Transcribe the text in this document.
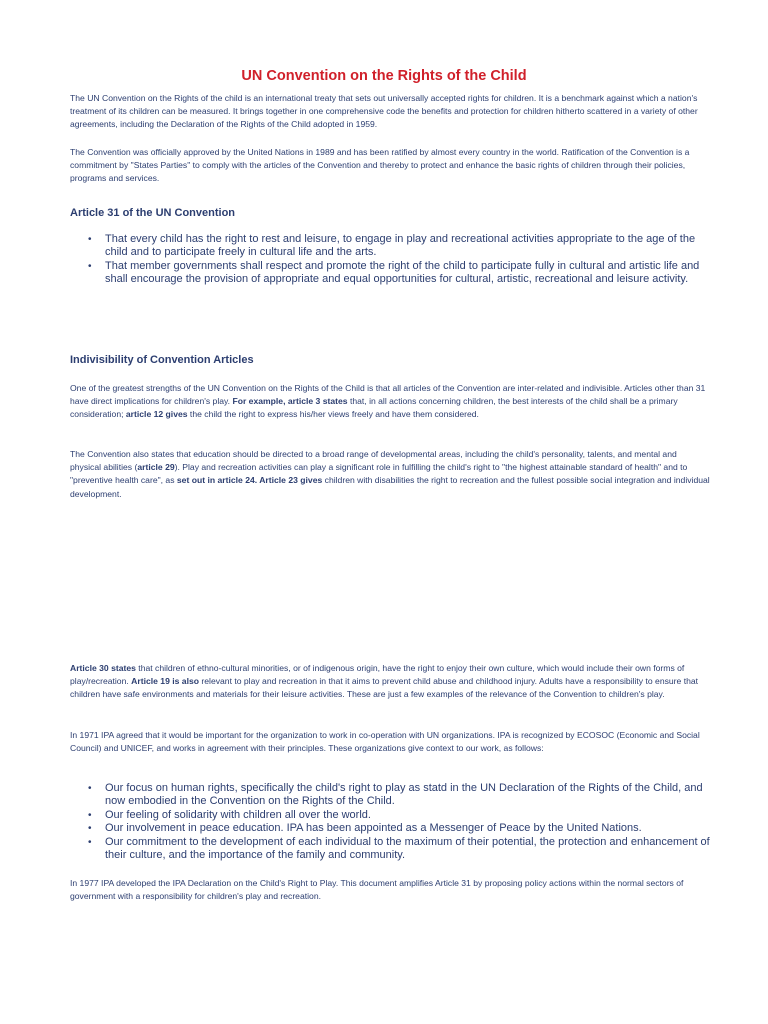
UN Convention on the Rights of the Child

The UN Convention on the Rights of the child is an international treaty that sets out universally accepted rights for children. It is a benchmark against which a nation's treatment of its children can be measured. It brings together in one comprehensive code the benefits and protection for children hitherto scattered in a variety of other agreements, including the Declaration of the Rights of the Child adopted in 1959.

The Convention was officially approved by the United Nations in 1989 and has been ratified by almost every country in the world. Ratification of the Convention is a commitment by "States Parties" to comply with the articles of the Convention and thereby to protect and enhance the basic rights of children through their policies, programs and services.

Article 31 of the UN Convention
• That every child has the right to rest and leisure, to engage in play and recreational activities appropriate to the age of the child and to participate freely in cultural life and the arts.
• That member governments shall respect and promote the right of the child to participate fully in cultural and artistic life and shall encourage the provision of appropriate and equal opportunities for cultural, artistic, recreational and leisure activity.
Indivisibility of Convention Articles

One of the greatest strengths of the UN Convention on the Rights of the Child is that all articles of the Convention are inter-related and indivisible. Articles other than 31 have direct implications for children's play. For example, article 3 states that, in all actions concerning children, the best interests of the child shall be a primary consideration; article 12 gives the child the right to express his/her views freely and have them considered.

The Convention also states that education should be directed to a broad range of developmental areas, including the child's personality, talents, and mental and physical abilities (article 29). Play and recreation activities can play a significant role in fulfilling the child's right to "the highest attainable standard of health" and to "preventive health care", as set out in article 24. Article 23 gives children with disabilities the right to recreation and the fullest possible social integration and individual development.

Article 30 states that children of ethno-cultural minorities, or of indigenous origin, have the right to enjoy their own culture, which would include their own forms of play/recreation. Article 19 is also relevant to play and recreation in that it aims to prevent child abuse and childhood injury. Adults have a responsibility to ensure that children have safe environments and materials for their leisure activities. These are just a few examples of the relevance of the Convention to children's play.

In 1971 IPA agreed that it would be important for the organization to work in co-operation with UN organizations. IPA is recognized by ECOSOC (Economic and Social Council) and UNICEF, and works in agreement with their principles. These organizations give context to our work, as follows:

• Our focus on human rights, specifically the child's right to play as statd in the UN Declaration of the Rights of the Child, and now embodied in the Convention on the Rights of the Child.
• Our feeling of solidarity with children all over the world.
• Our involvement in peace education. IPA has been appointed as a Messenger of Peace by the United Nations.
• Our commitment to the development of each individual to the maximum of their potential, the protection and enhancement of their culture, and the importance of the family and community.

In 1977 IPA developed the IPA Declaration on the Child's Right to Play. This document amplifies Article 31 by proposing policy actions within the normal sectors of government with a responsibility for children's play and recreation.
